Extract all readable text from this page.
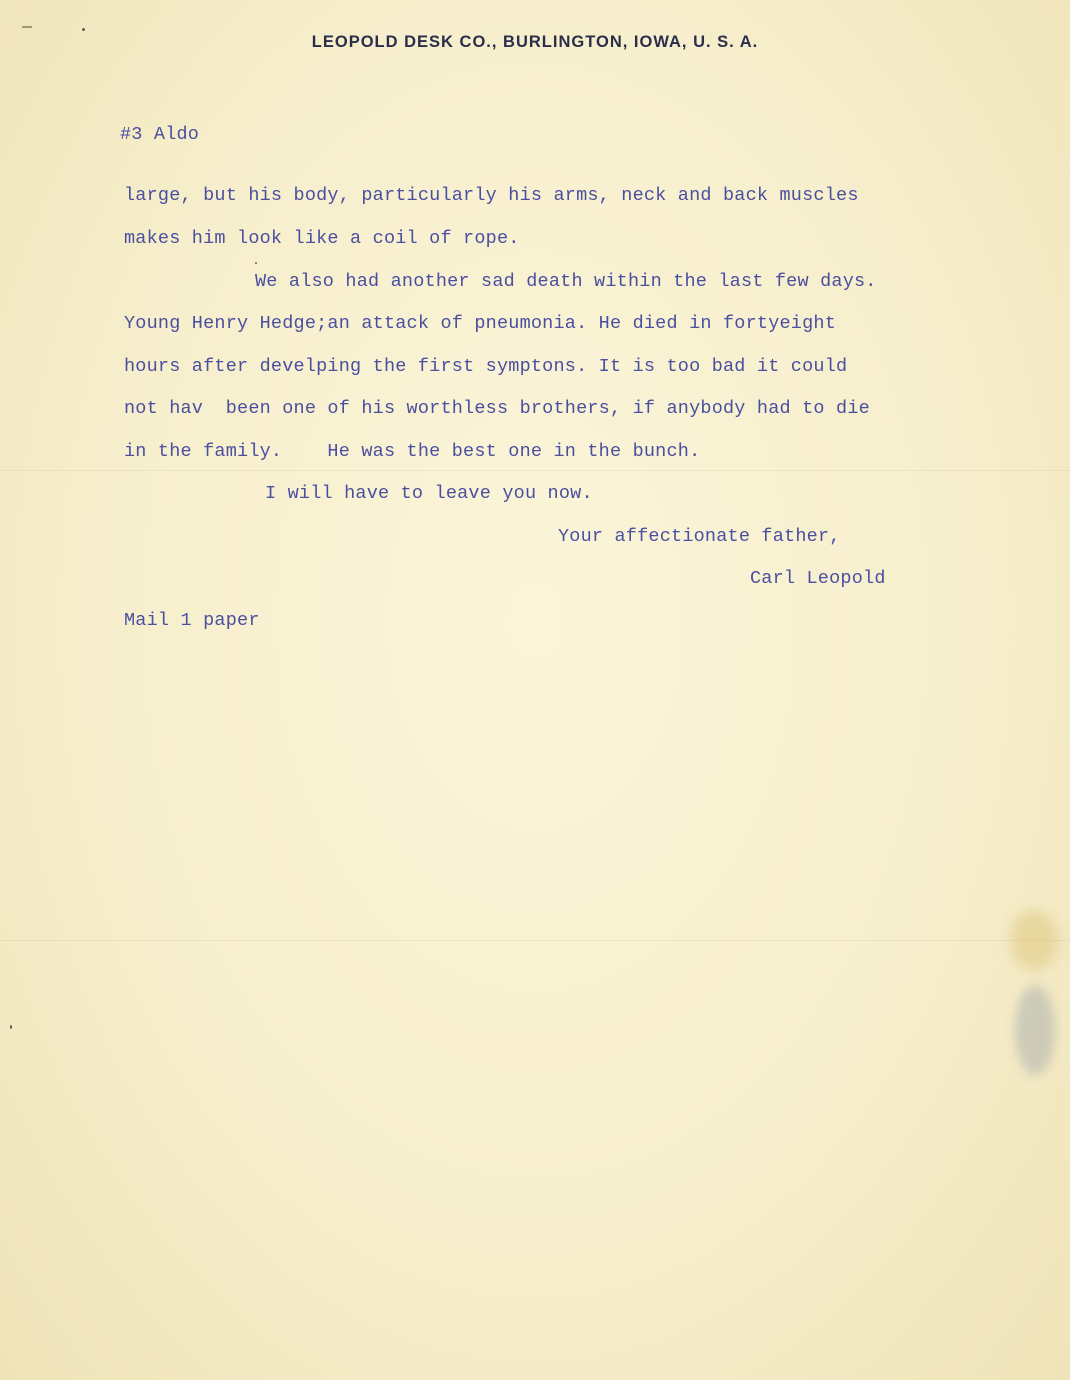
LEOPOLD DESK CO., BURLINGTON, IOWA, U. S. A.
#3 Aldo
large, but his body, particularly his arms, neck and back muscles
makes him look like a coil of rope.
We also had another sad death within the last few days.
Young Henry Hedge;an attack of pneumonia. He died in fortyeight
hours after develping the first symptons. It is too bad it could
not hav  been one of his worthless brothers, if anybody had to die
in the family.    He was the best one in the bunch.
I will have to leave you now.
Your affectionate father,
Carl Leopold
Mail 1 paper
